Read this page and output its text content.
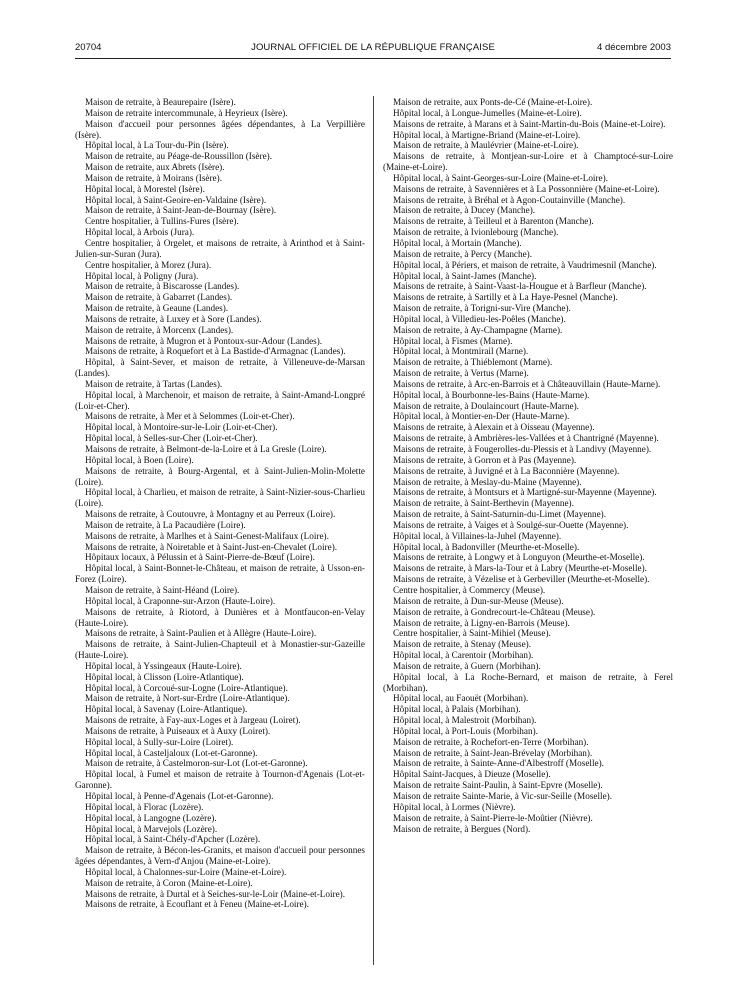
20704	JOURNAL OFFICIEL DE LA RÉPUBLIQUE FRANÇAISE	4 décembre 2003

Maison de retraite, à Beaurepaire (Isère).

Maison de retraite intercommunale, à Heyrieux (Isère).

Maison d'accueil pour personnes âgées dépendantes, à La Verpillière (Isère).

Hôpital local, à La Tour-du-Pin (Isère).

Maison de retraite, au Péage-de-Roussillon (Isère).

Maison de retraite, aux Abrets (Isère).

Maison de retraite, à Moirans (Isère).

Hôpital local, à Morestel (Isère).

Hôpital local, à Saint-Geoire-en-Valdaine (Isère).

Maison de retraite, à Saint-Jean-de-Bournay (Isère).

Centre hospitalier, à Tullins-Fures (Isère).

Hôpital local, à Arbois (Jura).

Centre hospitalier, à Orgelet, et maisons de retraite, à Arinthod et à Saint-Julien-sur-Suran (Jura).

Centre hospitalier, à Morez (Jura).

Hôpital local, à Poligny (Jura).

Maison de retraite, à Biscarosse (Landes).

Maison de retraite, à Gabarret (Landes).

Maison de retraite, à Geaune (Landes).

Maisons de retraite, à Luxey et à Sore (Landes).

Maison de retraite, à Morcenx (Landes).

Maisons de retraite, à Mugron et à Pontoux-sur-Adour (Landes).

Maisons de retraite, à Roquefort et à La Bastide-d'Armagnac (Landes).

Hôpital, à Saint-Sever, et maison de retraite, à Villeneuve-de-Marsan (Landes).

Maison de retraite, à Tartas (Landes).

Hôpital local, à Marchenoir, et maison de retraite, à Saint-Amand-Longpré (Loir-et-Cher).

Maisons de retraite, à Mer et à Selommes (Loir-et-Cher).

Hôpital local, à Montoire-sur-le-Loir (Loir-et-Cher).

Hôpital local, à Selles-sur-Cher (Loir-et-Cher).

Maisons de retraite, à Belmont-de-la-Loire et à La Gresle (Loire).

Hôpital local, à Boen (Loire).

Maisons de retraite, à Bourg-Argental, et à Saint-Julien-Molin-Molette (Loire).

Hôpital local, à Charlieu, et maison de retraite, à Saint-Nizier-sous-Charlieu (Loire).

Maisons de retraite, à Coutouvre, à Montagny et au Perreux (Loire).

Maison de retraite, à La Pacaudière (Loire).

Maisons de retraite, à Marlhes et à Saint-Genest-Malifaux (Loire).

Maisons de retraite, à Noiretable et à Saint-Just-en-Chevalet (Loire).

Hôpitaux locaux, à Pélussin et à Saint-Pierre-de-Bœuf (Loire).

Hôpital local, à Saint-Bonnet-le-Château, et maison de retraite, à Usson-en-Forez (Loire).

Maison de retraite, à Saint-Héand (Loire).

Hôpital local, à Craponne-sur-Arzon (Haute-Loire).

Maisons de retraite, à Riotord, à Dunières et à Montfaucon-en-Velay (Haute-Loire).

Maisons de retraite, à Saint-Paulien et à Allègre (Haute-Loire).

Maisons de retraite, à Saint-Julien-Chapteuil et à Monastier-sur-Gazeille (Haute-Loire).

Hôpital local, à Yssingeaux (Haute-Loire).

Hôpital local, à Clisson (Loire-Atlantique).

Hôpital local, à Corcoué-sur-Logne (Loire-Atlantique).

Maison de retraite, à Nort-sur-Erdre (Loire-Atlantique).

Hôpital local, à Savenay (Loire-Atlantique).

Maisons de retraite, à Fay-aux-Loges et à Jargeau (Loiret).

Maisons de retraite, à Puiseaux et à Auxy (Loiret).

Hôpital local, à Sully-sur-Loire (Loiret).

Hôpital local, à Casteljaloux (Lot-et-Garonne).

Maison de retraite, à Castelmoron-sur-Lot (Lot-et-Garonne).

Hôpital local, à Fumel et maison de retraite à Tournon-d'Agenais (Lot-et-Garonne).

Hôpital local, à Penne-d'Agenais (Lot-et-Garonne).

Hôpital local, à Florac (Lozère).

Hôpital local, à Langogne (Lozère).

Hôpital local, à Marvejols (Lozère).

Hôpital local, à Saint-Chély-d'Apcher (Lozère).

Maison de retraite, à Bécon-les-Granits, et maison d'accueil pour personnes âgées dépendantes, à Vern-d'Anjou (Maine-et-Loire).

Hôpital local, à Chalonnes-sur-Loire (Maine-et-Loire).

Maison de retraite, à Coron (Maine-et-Loire).

Maisons de retraite, à Durtal et à Seiches-sur-le-Loir (Maine-et-Loire).

Maisons de retraite, à Ecouflant et à Feneu (Maine-et-Loire).

Maison de retraite, aux Ponts-de-Cé (Maine-et-Loire).

Hôpital local, à Longue-Jumelles (Maine-et-Loire).

Maisons de retraite, à Marans et à Saint-Martin-du-Bois (Maine-et-Loire).

Hôpital local, à Martigne-Briand (Maine-et-Loire).

Maison de retraite, à Maulévrier (Maine-et-Loire).

Maisons de retraite, à Montjean-sur-Loire et à Champtocé-sur-Loire (Maine-et-Loire).

Hôpital local, à Saint-Georges-sur-Loire (Maine-et-Loire).

Maisons de retraite, à Savennières et à La Possonnière (Maine-et-Loire).

Maisons de retraite, à Bréhal et à Agon-Coutainville (Manche).

Maison de retraite, à Ducey (Manche).

Maisons de retraite, à Teilleul et à Barenton (Manche).

Maison de retraite, à Ivionlebourg (Manche).

Hôpital local, à Mortain (Manche).

Maison de retraite, à Percy (Manche).

Hôpital local, à Périers, et maison de retraite, à Vaudrimesnil (Manche).

Hôpital local, à Saint-James (Manche).

Maisons de retraite, à Saint-Vaast-la-Hougue et à Barfleur (Manche).

Maisons de retraite, à Sartilly et à La Haye-Pesnel (Manche).

Maison de retraite, à Torigni-sur-Vire (Manche).

Hôpital local, à Villedieu-les-Poêles (Manche).

Maison de retraite, à Ay-Champagne (Marne).

Hôpital local, à Fismes (Marne).

Hôpital local, à Montmirail (Marne).

Maison de retraite, à Thiéblemont (Marne).

Maison de retraite, à Vertus (Marne).

Maisons de retraite, à Arc-en-Barrois et à Châteauvillain (Haute-Marne).

Hôpital local, à Bourbonne-les-Bains (Haute-Marne).

Maison de retraite, à Doulaincourt (Haute-Marne).

Hôpital local, à Montier-en-Der (Haute-Marne).

Maisons de retraite, à Alexain et à Oisseau (Mayenne).

Maisons de retraite, à Ambrières-les-Vallées et à Chantrigné (Mayenne).

Maisons de retraite, à Fougerolles-du-Plessis et à Landivy (Mayenne).

Maisons de retraite, à Gorron et à Pas (Mayenne).

Maisons de retraite, à Juvigné et à La Baconnière (Mayenne).

Maison de retraite, à Meslay-du-Maine (Mayenne).

Maisons de retraite, à Montsurs et à Martigné-sur-Mayenne (Mayenne).

Maison de retraite, à Saint-Berthevin (Mayenne).

Maison de retraite, à Saint-Saturnin-du-Limet (Mayenne).

Maisons de retraite, à Vaiges et à Soulgé-sur-Ouette (Mayenne).

Hôpital local, à Villaines-la-Juhel (Mayenne).

Hôpital local, à Badonviller (Meurthe-et-Moselle).

Maisons de retraite, à Longwy et à Longuyon (Meurthe-et-Moselle).

Maisons de retraite, à Mars-la-Tour et à Labry (Meurthe-et-Moselle).

Maisons de retraite, à Vézelise et à Gerbeviller (Meurthe-et-Moselle).

Centre hospitalier, à Commercy (Meuse).

Maison de retraite, à Dun-sur-Meuse (Meuse).

Maison de retraite, à Gondrecourt-le-Château (Meuse).

Maison de retraite, à Ligny-en-Barrois (Meuse).

Centre hospitalier, à Saint-Mihiel (Meuse).

Maison de retraite, à Stenay (Meuse).

Hôpital local, à Carentoir (Morbihan).

Maison de retraite, à Guern (Morbihan).

Hôpital local, à La Roche-Bernard, et maison de retraite, à Ferel (Morbihan).

Hôpital local, au Faouët (Morbihan).

Hôpital local, à Palais (Morbihan).

Hôpital local, à Malestroit (Morbihan).

Hôpital local, à Port-Louis (Morbihan).

Maison de retraite, à Rochefort-en-Terre (Morbihan).

Maison de retraite, à Saint-Jean-Brévelay (Morbihan).

Maison de retraite, à Sainte-Anne-d'Albestroff (Moselle).

Hôpital Saint-Jacques, à Dieuze (Moselle).

Maison de retraite Saint-Paulin, à Saint-Epvre (Moselle).

Maison de retraite Sainte-Marie, à Vic-sur-Seille (Moselle).

Hôpital local, à Lormes (Nièvre).

Maison de retraite, à Saint-Pierre-le-Moûtier (Nièvre).

Maison de retraite, à Bergues (Nord).
